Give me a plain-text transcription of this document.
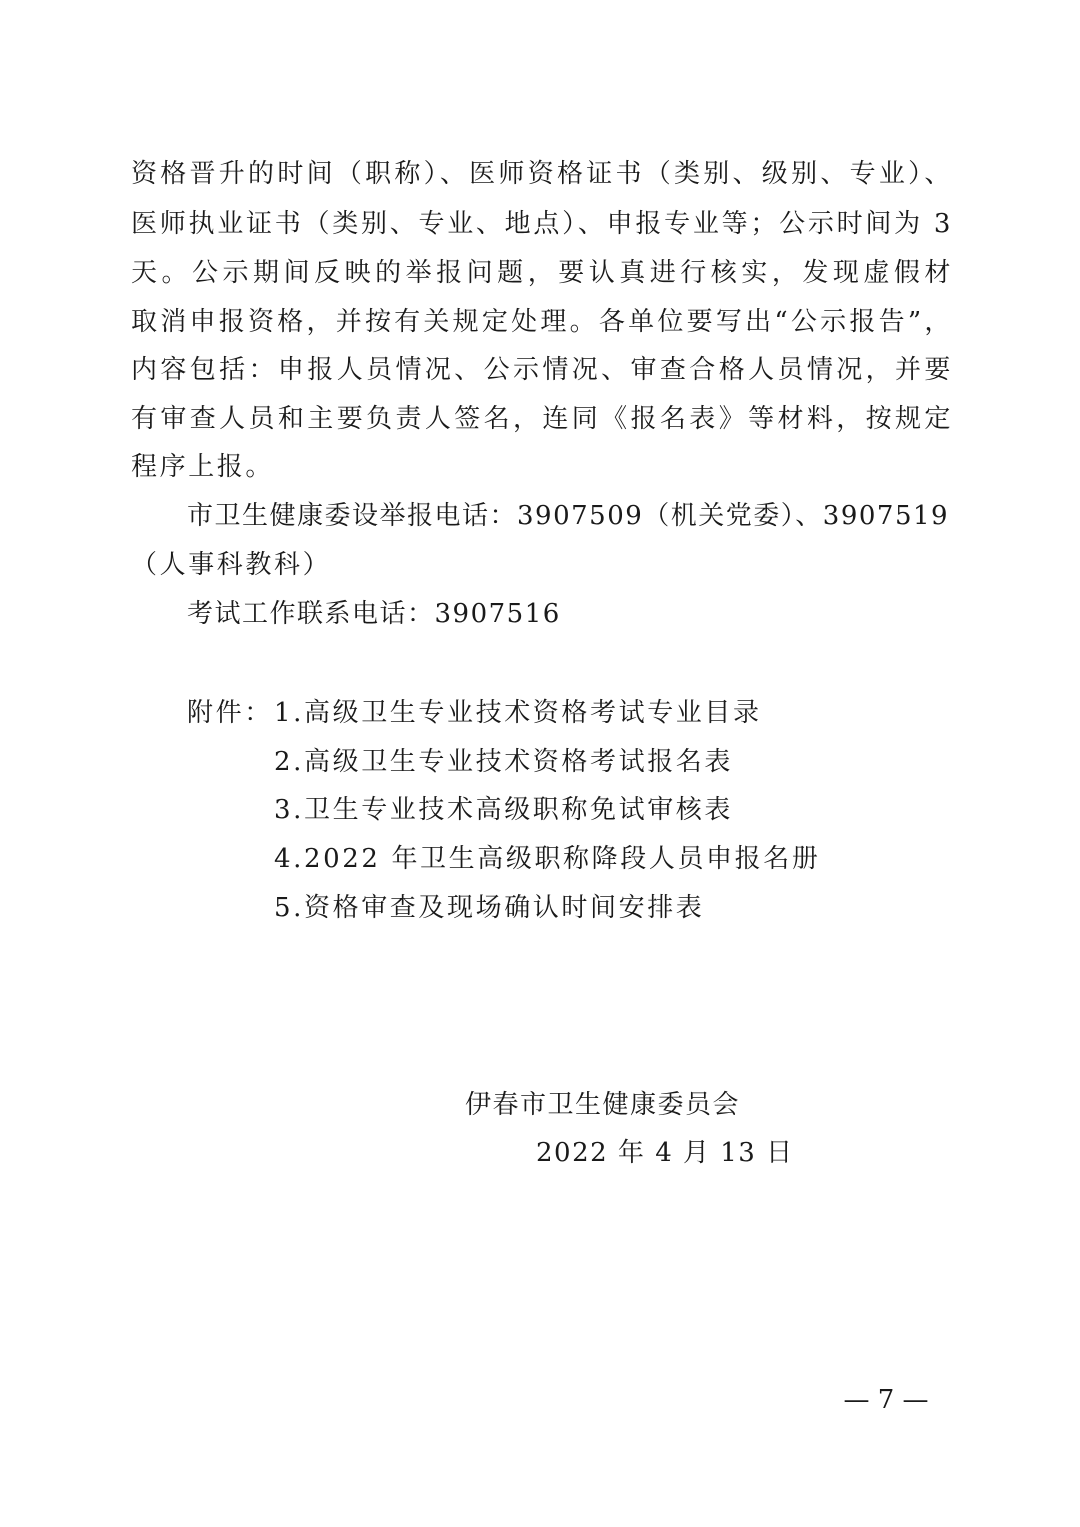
资格晋升的时间（职称）、医师资格证书（类别、级别、专业）、
医师执业证书（类别、专业、地点）、申报专业等；公示时间为 3
天。公示期间反映的举报问题，要认真进行核实，发现虚假材
取消申报资格，并按有关规定处理。各单位要写出“公示报告”，
内容包括：申报人员情况、公示情况、审查合格人员情况，并要
有审查人员和主要负责人签名，连同《报名表》等材料，按规定
程序上报。
市卫生健康委设举报电话：3907509（机关党委）、3907519
（人事科教科）
考试工作联系电话：3907516
附件： 1.高级卫生专业技术资格考试专业目录
2.高级卫生专业技术资格考试报名表
3.卫生专业技术高级职称免试审核表
4.2022 年卫生高级职称降段人员申报名册
5.资格审查及现场确认时间安排表
伊春市卫生健康委员会
2022 年 4 月 13 日
— 7 —
